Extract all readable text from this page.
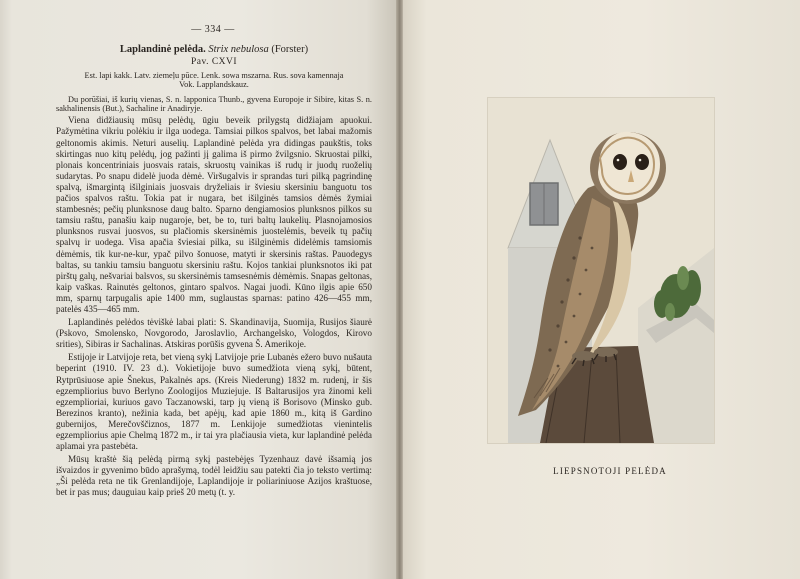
— 334 —
Laplandinė pelėda. Strix nebulosa (Forster)
Pav. CXVI
Est. lapi kakk. Latv. ziemeļu pūce. Lenk. sowa mszarna. Rus. sova kamennaja
Vok. Lapplandskauz.

Du porūšiai, iš kurių vienas, S. n. lapponica Thunb., gyvena Europoje ir Sibire, kitas S. n. sakhalinensis (But.), Sachaline ir Anadiryje.

Viena didžiausių mūsų pelėdų, ūgiu beveik prilygstą didžiajam apuokui. Pažymėtina vikriu polėkiu ir ilga uodega. Tamsiai pilkos spalvos, bet labai mažomis geltonomis akimis. Neturi auselių. Laplandinė pelėda yra didingas paukštis, toks skirtingas nuo kitų pelėdų, jog pažinti jį galima iš pirmo žvilgsnio. Skruostai pilki, plonais koncentriniais juosvais ratais, skruostų vainikas iš rudų ir juodų ruoželių sudarytas. Po snapu didelė juoda dėmė. Viršugalvis ir sprandas turi pilką pagrindinę spalvą, išmargintą išilginiais juosvais dryželiais ir šviesiu skersiniu banguotu tos pačios spalvos raštu. Tokia pat ir nugara, bet išilginės tamsios dėmės žymiai stambesnės; pečių plunksnose daug balto. Sparno dengiamosios plunksnos pilkos su tamsiu raštu, panašiu kaip nugaroje, bet, be to, turi baltų laukelių. Plasnojamosios plunksnos rusvai juosvos, su plačiomis skersinėmis juostelėmis, beveik tų pačių spalvų ir uodega. Visa apačia šviesiai pilka, su išilginėmis didelėmis tamsiomis dėmėmis, tik kur-ne-kur, ypač pilvo šonuose, matyti ir skersinis raštas. Pauodegys baltas, su tankiu tamsiu banguotu skersiniu raštu. Kojos tankiai plunksnotos iki pat pirštų galų, nešvariai balsvos, su skersinėmis tamsesnėmis dėmėmis. Snapas geltonas, kaip vaškas. Rainutės geltonos, gintaro spalvos. Nagai juodi. Kūno ilgis apie 650 mm, sparnų tarpugalis apie 1400 mm, suglaustas sparnas: patino 426—455 mm, patelės 435—465 mm.

Laplandinės pelėdos tėviškė labai plati: S. Skandinavija, Suomija, Rusijos šiaurė (Pskovo, Smolensko, Novgorodo, Jaroslavlio, Archangelsko, Vologdos, Kirovo srities), Sibiras ir Sachalinas. Atskiras porūšis gyvena Š. Amerikoje.

Estijoje ir Latvijoje reta, bet vieną sykį Latvijoje prie Lubanės ežero buvo nušauta beperint (1910. IV. 23 d.). Vokietijoje buvo sumedžiota vieną sykį, būtent, Rytprūsiuose apie Šnekus, Pakalnės aps. (Kreis Niederung) 1832 m. rudenį, ir šis egzempliorius buvo Berlyno Zoologijos Muziejuje. Iš Baltarusijos yra žinomi keli egzemplioriai, kuriuos gavo Taczanowski, tarp jų vieną iš Borisovo (Minsko gub. Berezinos kranto), nežinia kada, bet apėjų, kad apie 1860 m., kitą iš Gardino gubernijos, Merečovščiznos, 1877 m. Lenkijoje sumedžiotas vienintelis egzempliorius apie Chelmą 1872 m., ir tai yra plačiausia vieta, kur laplandinė pelėda aplamai yra pastebėta.

Mūsų kraštė šią pelėdą pirmą sykį pastebėjęs Tyzenhauz davė išsamią jos išvaizdos ir gyvenimo būdo aprašymą, todėl leidžiu sau patekti čia jo teksto vertimą: „Ši pelėda reta ne tik Grenlandijoje, Laplandijoje ir poliariniuose Azijos kraštuose, bet ir pas mus; dauguiau kaip prieš 20 metų (t. y.

LIEPSNOTOJI PELĖDA
